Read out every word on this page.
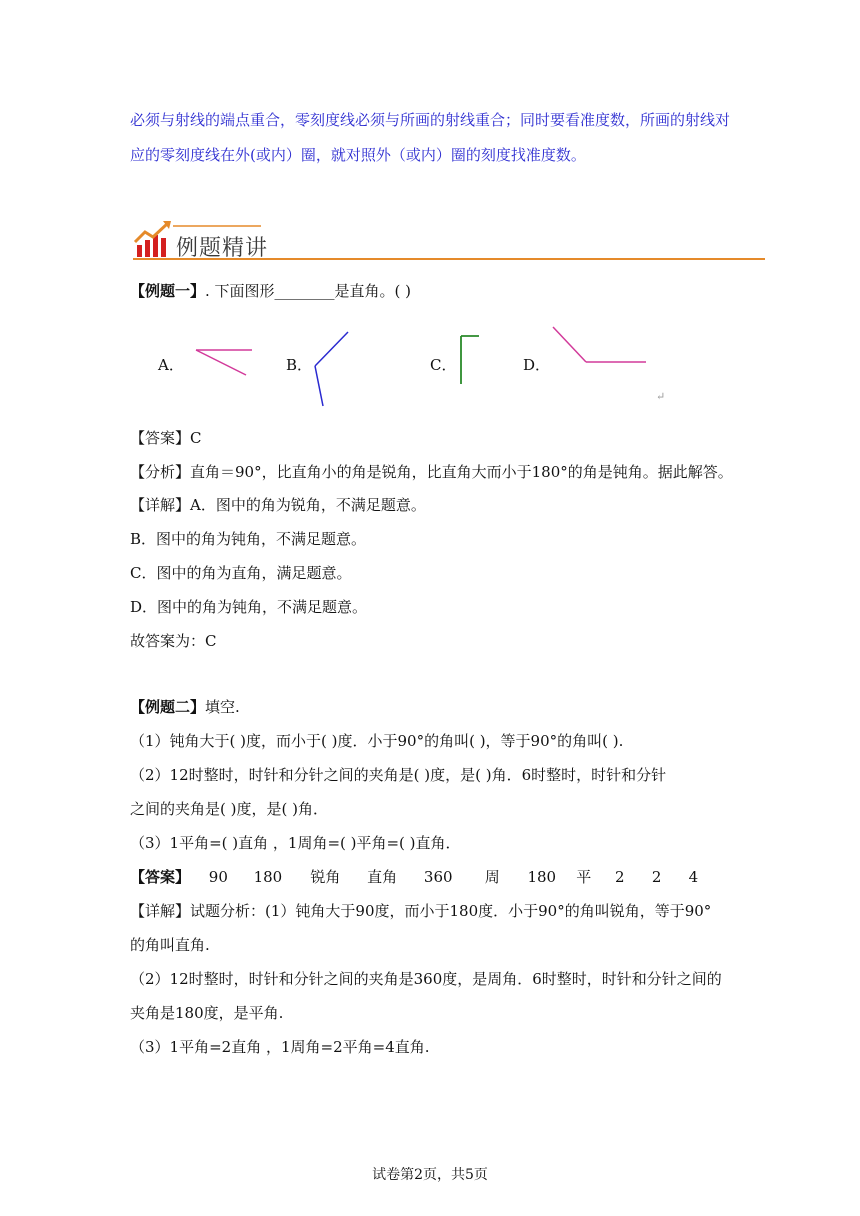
必须与射线的端点重合，零刻度线必须与所画的射线重合；同时要看准度数，所画的射线对
应的零刻度线在外(或内）圈，就对照外（或内）圈的刻度找准度数。
例题精讲
【例题一】. 下面图形________是直角。( )
A．	B．	C．	D．
↵
【答案】C
【分析】直角＝90°，比直角小的角是锐角，比直角大而小于180°的角是钝角。据此解答。
【详解】A．图中的角为锐角，不满足题意。
B．图中的角为钝角，不满足题意。
C．图中的角为直角，满足题意。
D．图中的角为钝角，不满足题意。
故答案为：C
【例题二】填空.
（1）钝角大于( )度，而小于( )度．小于90°的角叫( )，等于90°的角叫( ).
（2）12时整时，时针和分针之间的夹角是( )度，是( )角．6时整时，时针和分针
之间的夹角是( )度，是( )角．
（3）1平角=( )直角 ，1周角=( )平角=( )直角．
【答案】 90 180 锐角 直角 360 周 180 平 2 2 4
【详解】试题分析：(1）钝角大于90度，而小于180度．小于90°的角叫锐角，等于90°
的角叫直角.
（2）12时整时，时针和分针之间的夹角是360度，是周角．6时整时，时针和分针之间的
夹角是180度，是平角.
（3）1平角=2直角 ，1周角=2平角=4直角.
试卷第2页，共5页
